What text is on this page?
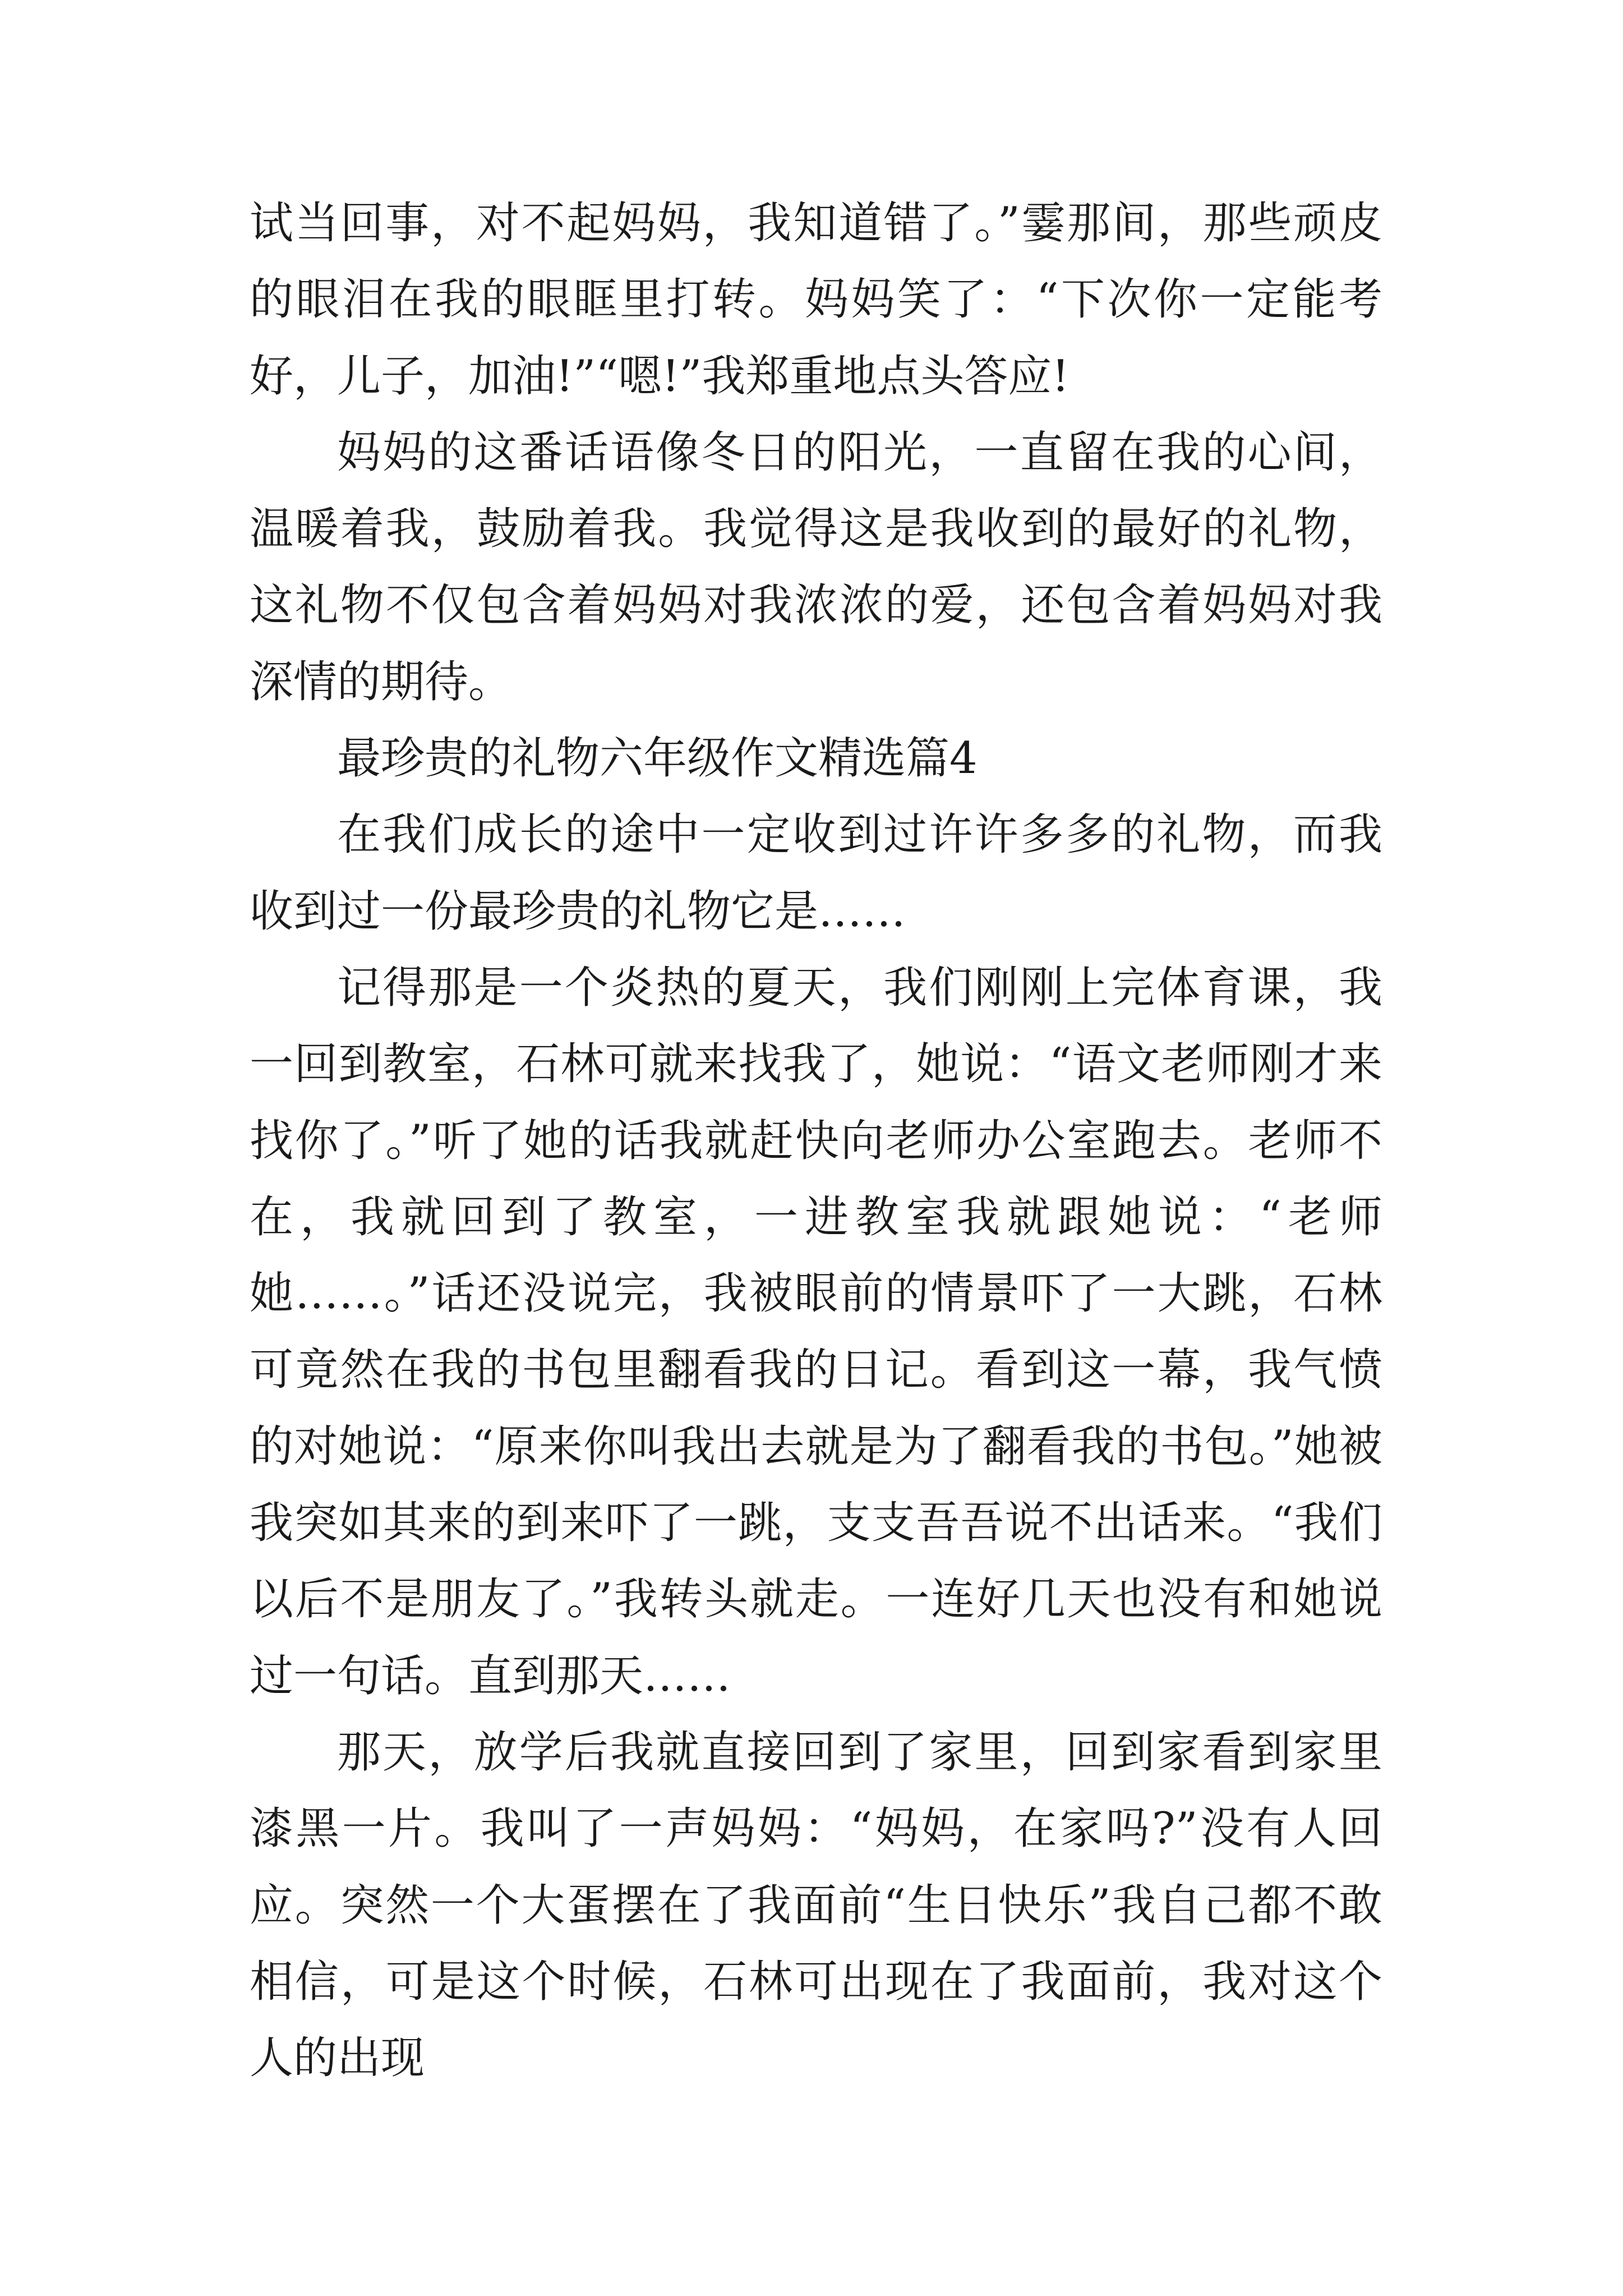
试当回事，对不起妈妈，我知道错了。”霎那间，那些顽皮的眼泪在我的眼眶里打转。妈妈笑了：“下次你一定能考好，儿子，加油!”“嗯!”我郑重地点头答应!

妈妈的这番话语像冬日的阳光，一直留在我的心间，温暖着我，鼓励着我。我觉得这是我收到的最好的礼物，这礼物不仅包含着妈妈对我浓浓的爱，还包含着妈妈对我深情的期待。

最珍贵的礼物六年级作文精选篇4

在我们成长的途中一定收到过许许多多的礼物，而我收到过一份最珍贵的礼物它是……

记得那是一个炎热的夏天，我们刚刚上完体育课，我一回到教室，石林可就来找我了，她说：“语文老师刚才来找你了。”听了她的话我就赶快向老师办公室跑去。老师不在，我就回到了教室，一进教室我就跟她说：“老师她……。”话还没说完，我被眼前的情景吓了一大跳，石林可竟然在我的书包里翻看我的日记。看到这一幕，我气愤的对她说：“原来你叫我出去就是为了翻看我的书包。”她被我突如其来的到来吓了一跳，支支吾吾说不出话来。“我们以后不是朋友了。”我转头就走。一连好几天也没有和她说过一句话。直到那天……

那天，放学后我就直接回到了家里，回到家看到家里漆黑一片。我叫了一声妈妈：“妈妈，在家吗?”没有人回应。突然一个大蛋摆在了我面前“生日快乐”我自己都不敢相信，可是这个时候，石林可出现在了我面前，我对这个人的出现
